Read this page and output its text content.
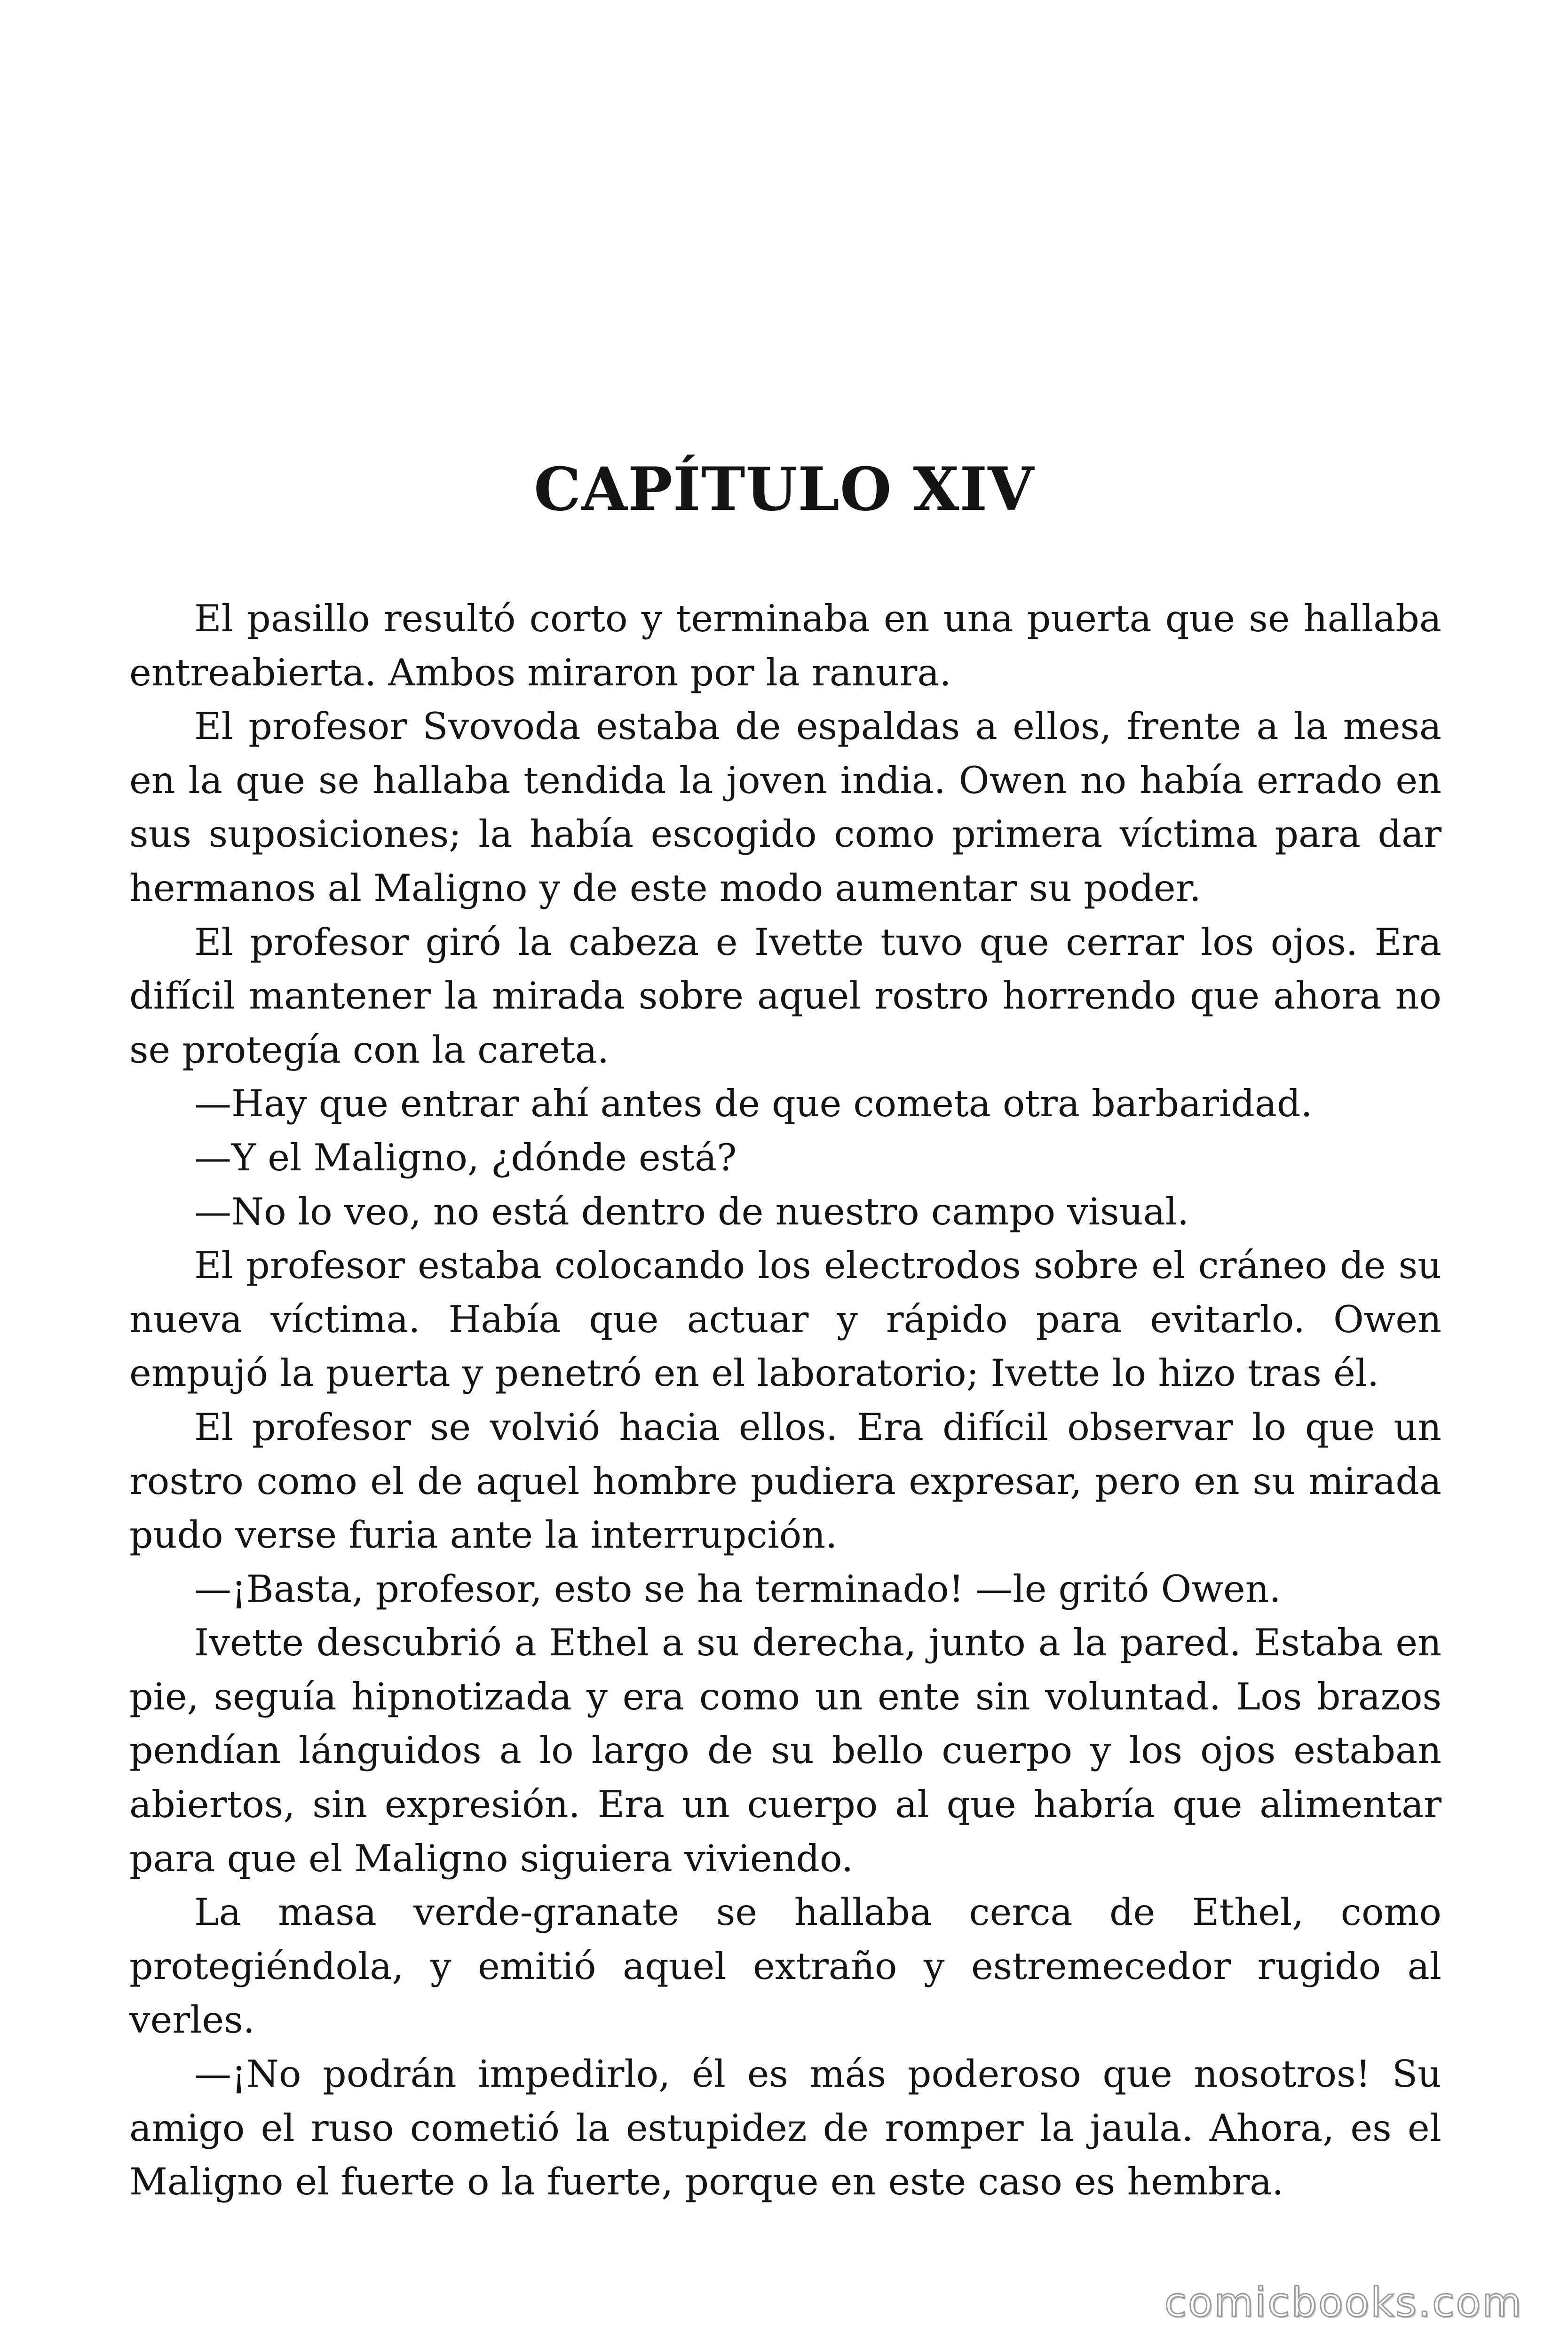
CAPÍTULO XIV

El pasillo resultó corto y terminaba en una puerta que se hallaba entreabierta. Ambos miraron por la ranura.

El profesor Svovoda estaba de espaldas a ellos, frente a la mesa en la que se hallaba tendida la joven india. Owen no había errado en sus suposiciones; la había escogido como primera víctima para dar hermanos al Maligno y de este modo aumentar su poder.

El profesor giró la cabeza e Ivette tuvo que cerrar los ojos. Era difícil mantener la mirada sobre aquel rostro horrendo que ahora no se protegía con la careta.

—Hay que entrar ahí antes de que cometa otra barbaridad.

—Y el Maligno, ¿dónde está?

—No lo veo, no está dentro de nuestro campo visual.

El profesor estaba colocando los electrodos sobre el cráneo de su nueva víctima. Había que actuar y rápido para evitarlo. Owen empujó la puerta y penetró en el laboratorio; Ivette lo hizo tras él.

El profesor se volvió hacia ellos. Era difícil observar lo que un rostro como el de aquel hombre pudiera expresar, pero en su mirada pudo verse furia ante la interrupción.

—¡Basta, profesor, esto se ha terminado! —le gritó Owen.

Ivette descubrió a Ethel a su derecha, junto a la pared. Estaba en pie, seguía hipnotizada y era como un ente sin voluntad. Los brazos pendían lánguidos a lo largo de su bello cuerpo y los ojos estaban abiertos, sin expresión. Era un cuerpo al que habría que alimentar para que el Maligno siguiera viviendo.

La masa verde-granate se hallaba cerca de Ethel, como protegiéndola, y emitió aquel extraño y estremecedor rugido al verles.

—¡No podrán impedirlo, él es más poderoso que nosotros! Su amigo el ruso cometió la estupidez de romper la jaula. Ahora, es el Maligno el fuerte o la fuerte, porque en este caso es hembra.

comicbooks.com
